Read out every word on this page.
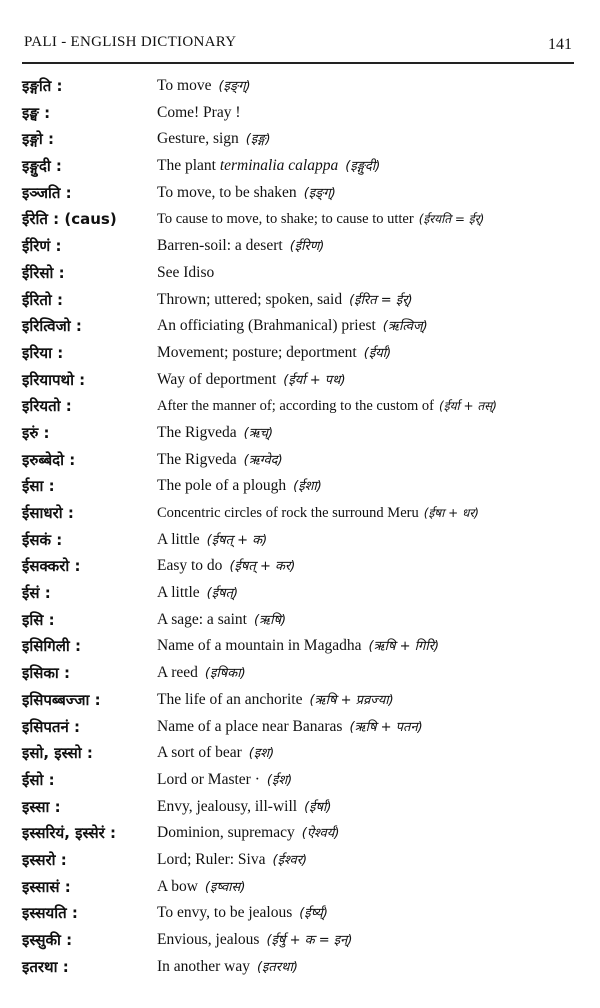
PALI - ENGLISH DICTIONARY	141
इङ्गति :	To move (इङ्ग्)
इङ्घ :	Come! Pray !
इङ्गो :	Gesture, sign (इङ्ग)
इङ्गुदी :	The plant terminalia calappa (इङ्गुदी)
इञ्जति :	To move, to be shaken (इङ्ग्)
ईरेति : (caus)	To cause to move, to shake; to cause to utter (ईरयति = ईर्)
ईरिणं :	Barren-soil: a desert (ईरिण)
ईरिसो :	See Idiso
ईरितो :	Thrown; uttered; spoken, said (ईरित = ईर्)
इरित्विजो :	An officiating (Brahmanical) priest (ऋत्विज्)
इरिया :	Movement; posture; deportment (ईर्या)
इरियापथो :	Way of deportment (ईर्या + पथ)
इरियतो :	After the manner of; according to the custom of (ईर्या + तस्)
इरुं :	The Rigveda (ऋच्)
इरुब्बेदो :	The Rigveda (ऋग्वेद)
ईसा :	The pole of a plough (ईशा)
ईसाधरो :	Concentric circles of rock the surround Meru (ईषा + धर)
ईसकं :	A little (ईषत् + क)
ईसक्करो :	Easy to do (ईषत् + कर)
ईसं :	A little (ईषत्)
इसि :	A sage: a saint (ऋषि)
इसिगिली :	Name of a mountain in Magadha (ऋषि + गिरि)
इसिका :	A reed (इषिका)
इसिपब्बज्जा :	The life of an anchorite (ऋषि + प्रव्रज्या)
इसिपतनं :	Name of a place near Banaras (ऋषि + पतन)
इसो, इस्सो :	A sort of bear (इश)
ईसो :	Lord or Master · (ईश)
इस्सा :	Envy, jealousy, ill-will (ईर्षा)
इस्सरियं, इस्सेरं :	Dominion, supremacy (ऐश्वर्य)
इस्सरो :	Lord; Ruler: Siva (ईश्वर)
इस्सासं :	A bow (इष्वास)
इस्सयति :	To envy, to be jealous (ईर्ष्य्)
इस्सुकी :	Envious, jealous (ईर्षु + क = इन्)
इतरथा :	In another way (इतरथा)
